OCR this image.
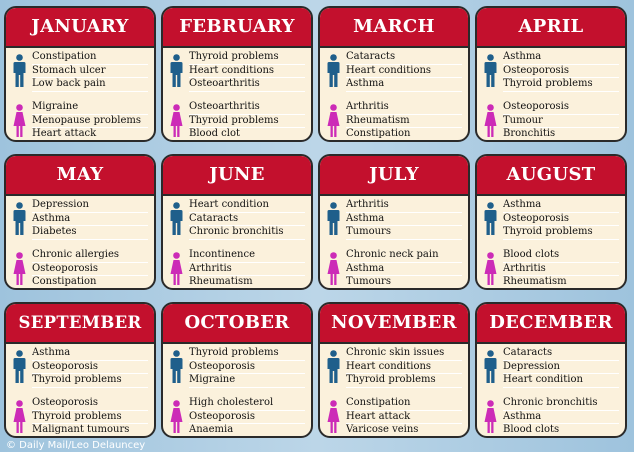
JANUARY
Constipation
Stomach ulcer
Low back pain
Migraine
Menopause problems
Heart attack
FEBRUARY
Thyroid problems
Heart conditions
Osteoarthritis
Osteoarthritis
Thyroid problems
Blood clot
MARCH
Cataracts
Heart conditions
Asthma
Arthritis
Rheumatism
Constipation
APRIL
Asthma
Osteoporosis
Thyroid problems
Osteoporosis
Tumour
Bronchitis
MAY
Depression
Asthma
Diabetes
Chronic allergies
Osteoporosis
Constipation
JUNE
Heart condition
Cataracts
Chronic bronchitis
Incontinence
Arthritis
Rheumatism
JULY
Arthritis
Asthma
Tumours
Chronic neck pain
Asthma
Tumours
AUGUST
Asthma
Osteoporosis
Thyroid problems
Blood clots
Arthritis
Rheumatism
SEPTEMBER
Asthma
Osteoporosis
Thyroid problems
Osteoporosis
Thyroid problems
Malignant tumours
OCTOBER
Thyroid problems
Osteoporosis
Migraine
High cholesterol
Osteoporosis
Anaemia
NOVEMBER
Chronic skin issues
Heart conditions
Thyroid problems
Constipation
Heart attack
Varicose veins
DECEMBER
Cataracts
Depression
Heart condition
Chronic bronchitis
Asthma
Blood clots
© Daily Mail/Leo Delauncey
